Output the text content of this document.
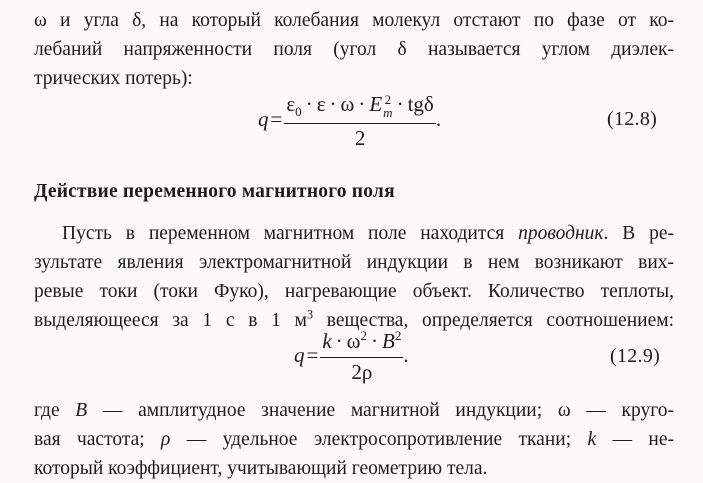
ω и угла δ, на который колебания молекул отстают по фазе от ко-
лебаний напряженности поля (угол δ называется углом диэлек-
трических потерь):
$q= \varepsilon_0 \cdot \varepsilon \cdot \omega \cdot E$ 2
m · tgδ
2 .	(12.8)
Действие переменного магнитного поля
Пусть в переменном магнитном поле находится проводник. В ре-
зультате явления электромагнитной индукции в нем возникают вих-
ревые токи (токи Фуко), нагревающие объект. Количество теплоты,
выделяющееся за 1 с в 1 $м^3$ вещества, определяется соотношением:
$q= \frac{k \cdot \omega^2 \cdot B^2}{2\rho}$ .	(12.9)
где B — амплитудное значение магнитной индукции; ω — круго-
вая частота; ρ — удельное электросопротивление ткани; k — не-
который коэффициент, учитывающий геометрию тела.
